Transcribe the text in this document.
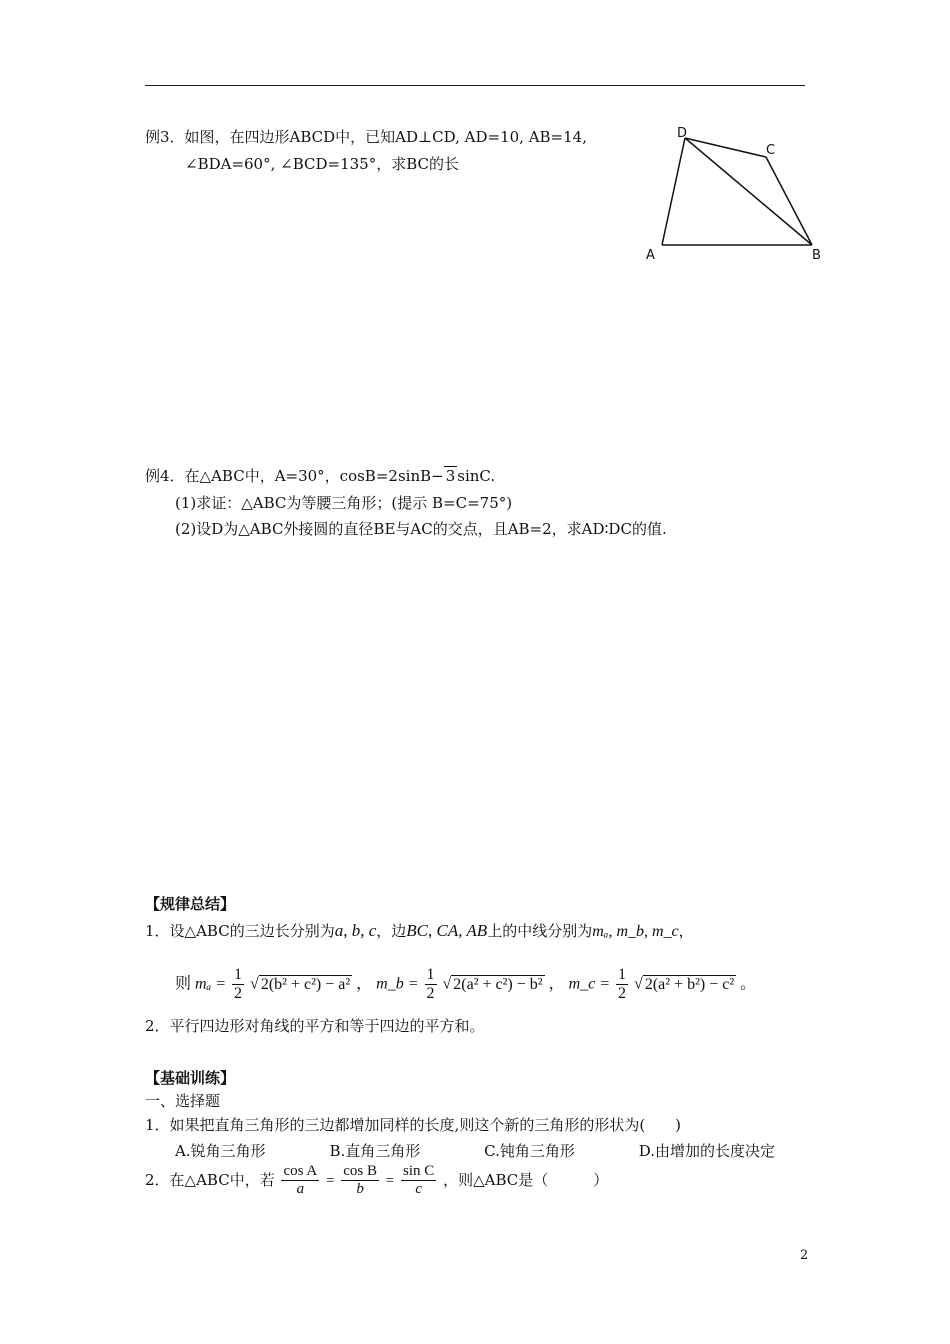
例3．如图，在四边形ABCD中，已知AD⊥CD, AD=10, AB=14,
∠BDA=60°, ∠BCD=135°，求BC的长
D
C
A	B
例4．在△ABC中，A=30°，cosB=2sinB− 3 sinC.
(1)求证：△ABC为等腰三角形；(提示 B=C=75°)
(2)设D为△ABC外接圆的直径BE与AC的交点，且AB=2，求AD∶DC的值.
【规律总结】
1．设△ABC的三边长分别为a, b, c，边BC, CA, AB上的中线分别为mₐ, m_b, m_c，
则 $m_a = \frac{1}{2}$ √ 2(b² + c²) − a² ， m_b = $\frac{1}{2}$ √ 2(a² + c²) − b² ， m_c = $\frac{1}{2}$ √ 2(a² + b²) − c² 。
2．平行四边形对角线的平方和等于四边的平方和。
【基础训练】
一、选择题
1．如果把直角三角形的三边都增加同样的长度,则这个新的三角形的形状为(　　)
A.锐角三角形	B.直角三角形	C.钝角三角形	D.由增加的长度决定
2．在△ABC中，若 $\frac{\text{cos A}}{a} = \frac{\text{cos B}}{b} = \frac{\text{sin C}}{c}$ ，则△ABC是（　　　）
2
